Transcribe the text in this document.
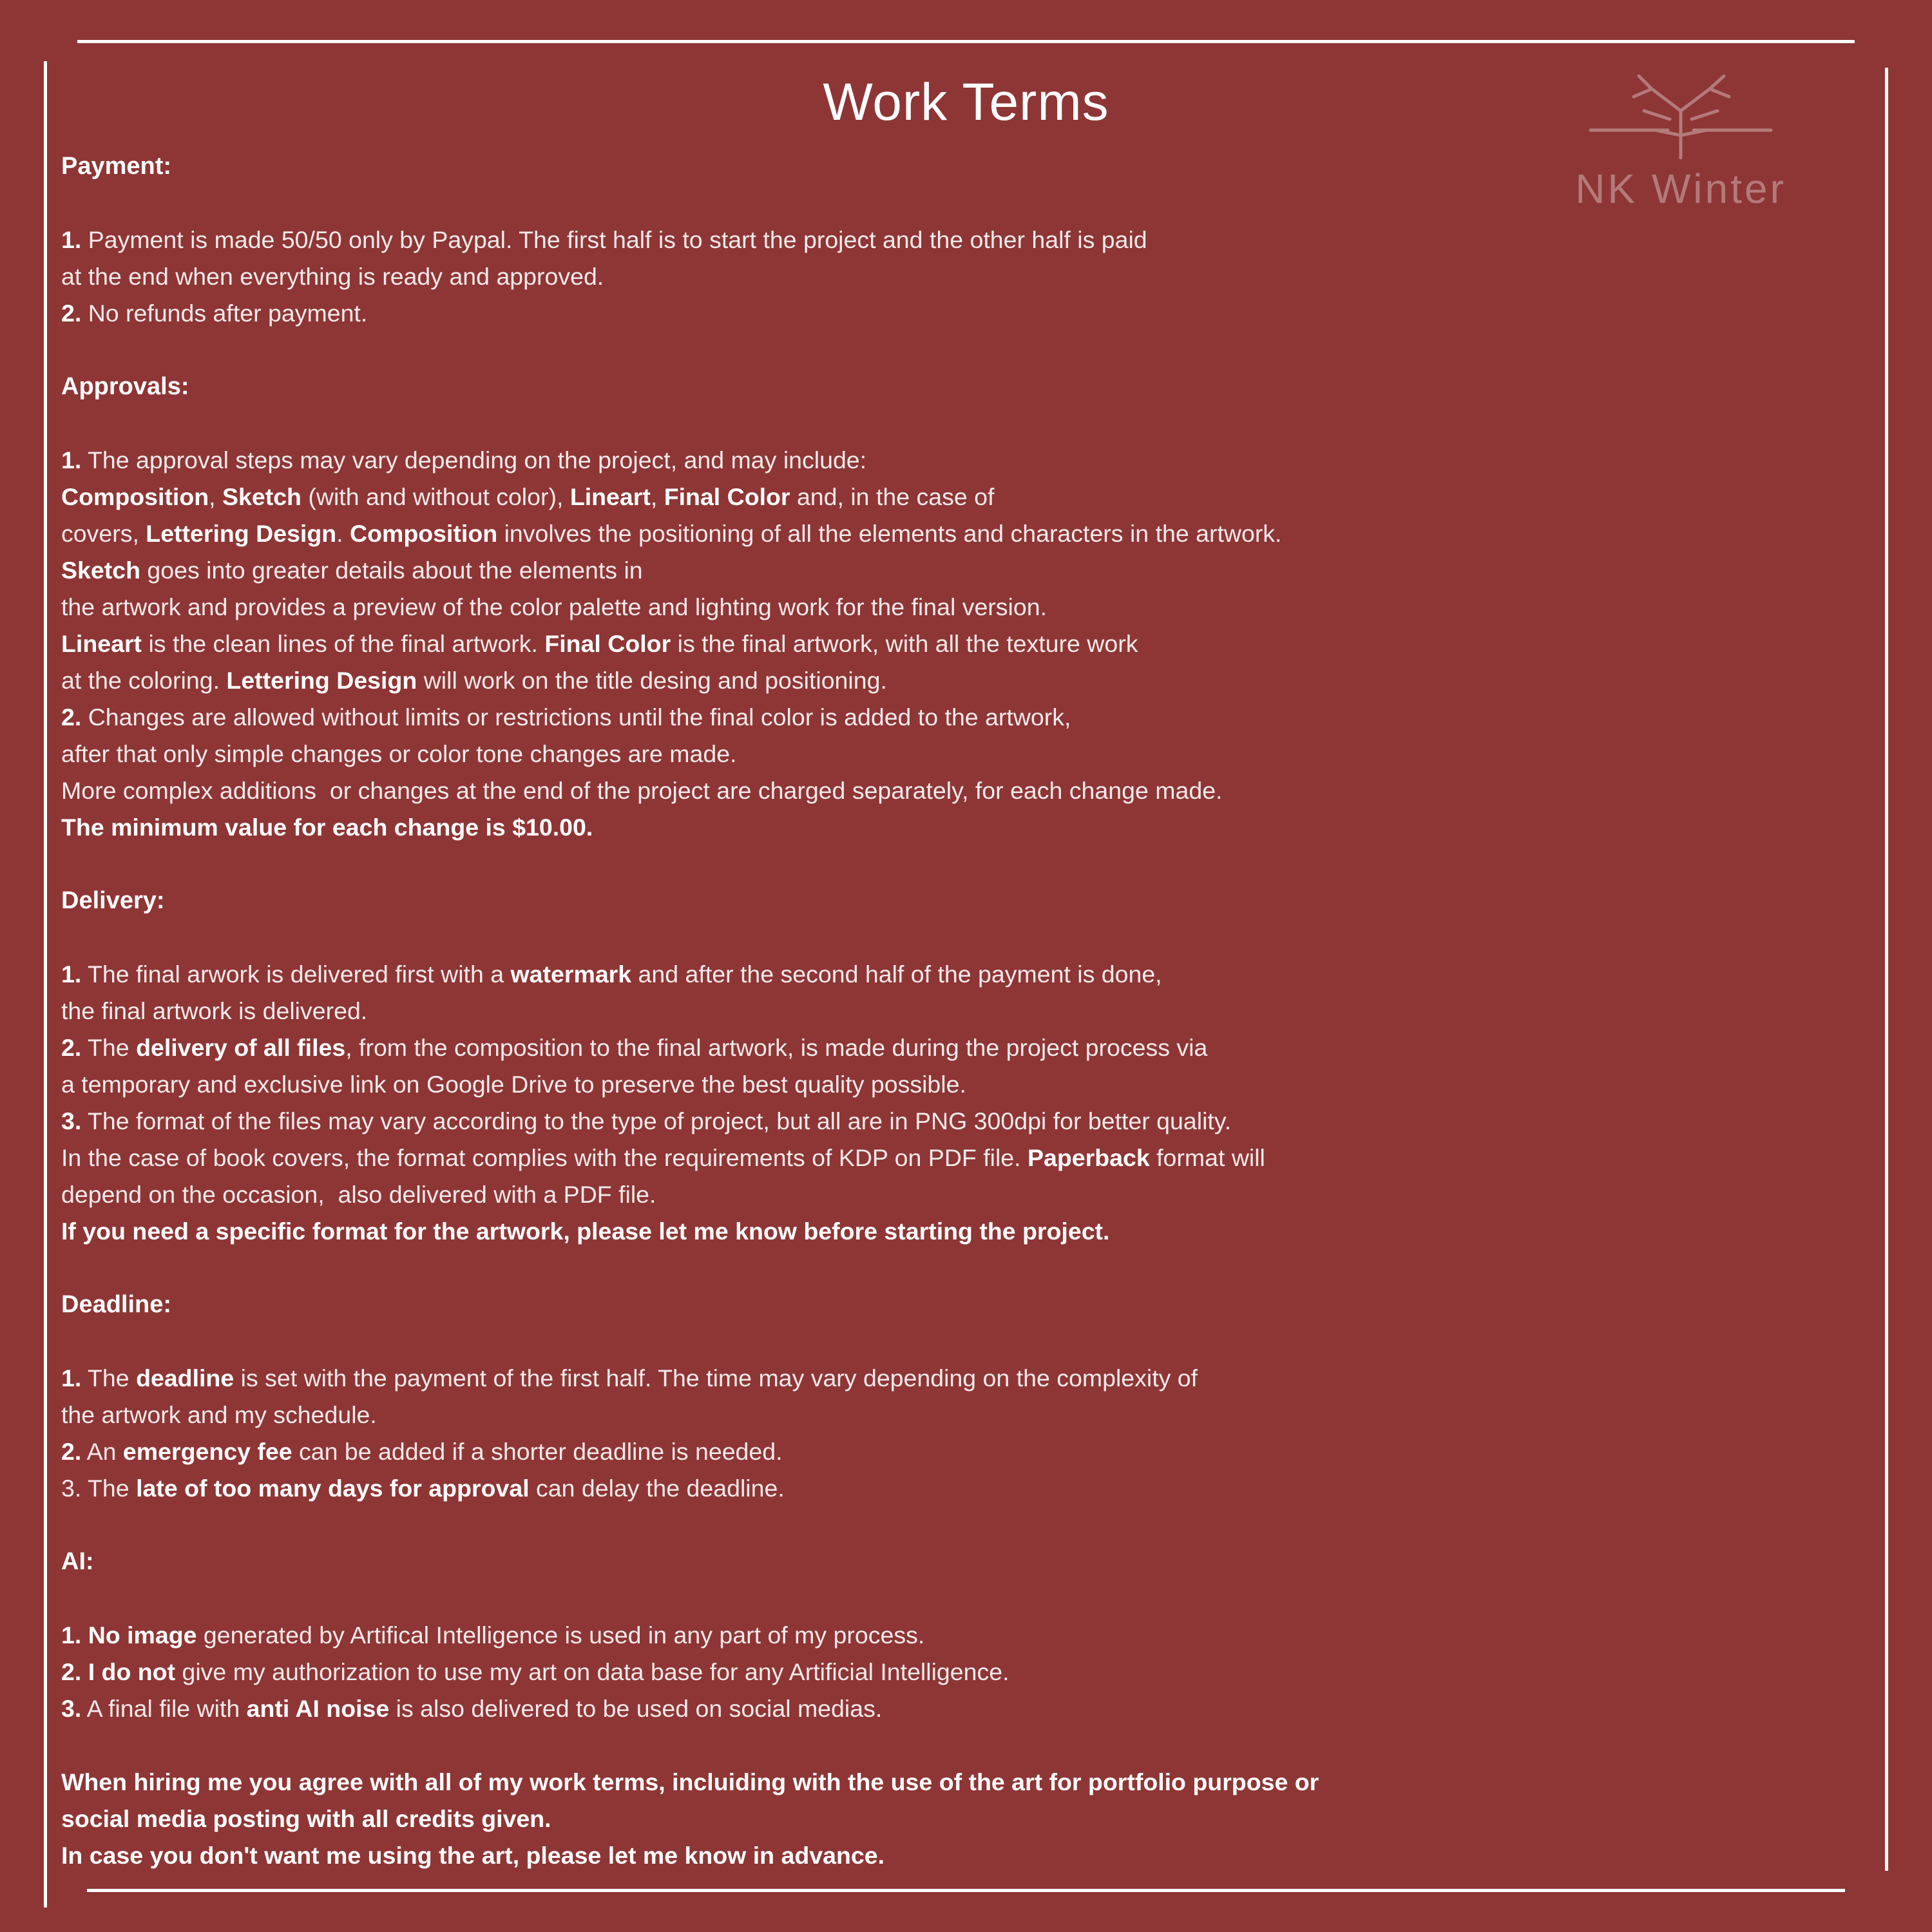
Work Terms
NK Winter

Payment:

1. Payment is made 50/50 only by Paypal. The first half is to start the project and the other half is paid

at the end when everything is ready and approved.

2. No refunds after payment.

Approvals:

1. The approval steps may vary depending on the project, and may include:

Composition, Sketch (with and without color), Lineart, Final Color and, in the case of

covers, Lettering Design. Composition involves the positioning of all the elements and characters in the artwork.

Sketch goes into greater details about the elements in

the artwork and provides a preview of the color palette and lighting work for the final version.

Lineart is the clean lines of the final artwork. Final Color is the final artwork, with all the texture work

at the coloring. Lettering Design will work on the title desing and positioning.

2. Changes are allowed without limits or restrictions until the final color is added to the artwork,

after that only simple changes or color tone changes are made.

More complex additions  or changes at the end of the project are charged separately, for each change made.

The minimum value for each change is $10.00.

Delivery:

1. The final arwork is delivered first with a watermark and after the second half of the payment is done,

the final artwork is delivered.

2. The delivery of all files, from the composition to the final artwork, is made during the project process via

a temporary and exclusive link on Google Drive to preserve the best quality possible.

3. The format of the files may vary according to the type of project, but all are in PNG 300dpi for better quality.

In the case of book covers, the format complies with the requirements of KDP on PDF file. Paperback format will

depend on the occasion,  also delivered with a PDF file.

If you need a specific format for the artwork, please let me know before starting the project.

Deadline:

1. The deadline is set with the payment of the first half. The time may vary depending on the complexity of

the artwork and my schedule.

2. An emergency fee can be added if a shorter deadline is needed.

3. The late of too many days for approval can delay the deadline.

AI:

1. No image generated by Artifical Intelligence is used in any part of my process.

2. I do not give my authorization to use my art on data base for any Artificial Intelligence.

3. A final file with anti AI noise is also delivered to be used on social medias.

When hiring me you agree with all of my work terms, incluiding with the use of the art for portfolio purpose or

social media posting with all credits given.

In case you don't want me using the art, please let me know in advance.
